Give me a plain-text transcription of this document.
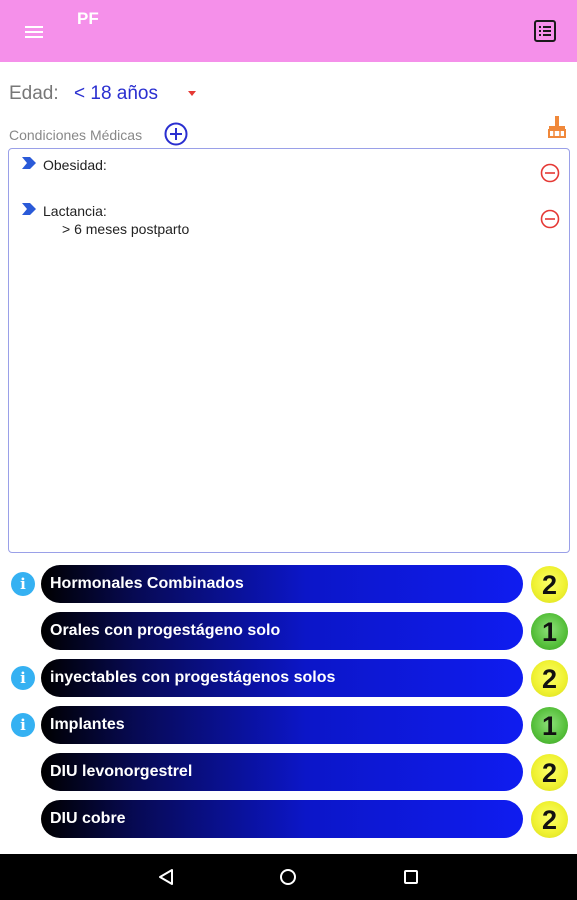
PF
Edad: < 18 años
Condiciones Médicas
Obesidad:
Lactancia:
> 6 meses postparto
i	Hormonales Combinados	2
Orales con progestágeno solo	1
i	inyectables con progestágenos solos	2
i	Implantes	1
DIU levonorgestrel	2
DIU cobre	2
